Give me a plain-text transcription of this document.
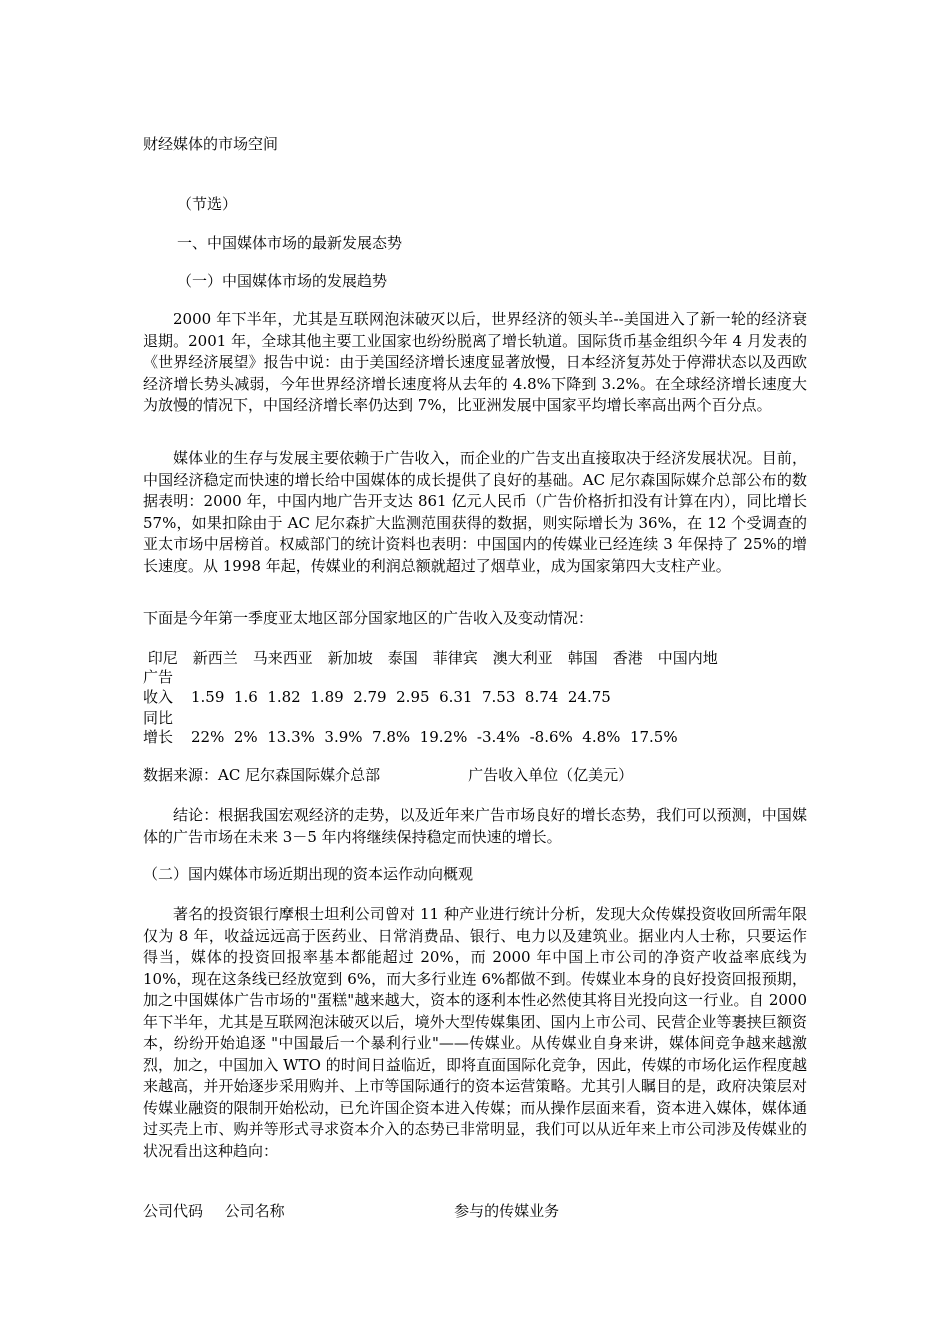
财经媒体的市场空间
（节选）
一、中国媒体市场的最新发展态势
（一）中国媒体市场的发展趋势
2000 年下半年，尤其是互联网泡沫破灭以后，世界经济的领头羊--美国进入了新一轮的经济衰退期。2001 年，全球其他主要工业国家也纷纷脱离了增长轨道。国际货币基金组织今年 4 月发表的《世界经济展望》报告中说：由于美国经济增长速度显著放慢，日本经济复苏处于停滞状态以及西欧经济增长势头减弱，今年世界经济增长速度将从去年的 4.8%下降到 3.2%。在全球经济增长速度大为放慢的情况下，中国经济增长率仍达到 7%，比亚洲发展中国家平均增长率高出两个百分点。
媒体业的生存与发展主要依赖于广告收入，而企业的广告支出直接取决于经济发展状况。目前，中国经济稳定而快速的增长给中国媒体的成长提供了良好的基础。AC 尼尔森国际媒介总部公布的数据表明：2000 年，中国内地广告开支达 861 亿元人民币（广告价格折扣没有计算在内），同比增长 57%，如果扣除由于 AC 尼尔森扩大监测范围获得的数据，则实际增长为 36%，在 12 个受调查的亚太市场中居榜首。权威部门的统计资料也表明：中国国内的传媒业已经连续 3 年保持了 25%的增长速度。从 1998 年起，传媒业的利润总额就超过了烟草业，成为国家第四大支柱产业。
下面是今年第一季度亚太地区部分国家地区的广告收入及变动情况：
印尼　新西兰　马来西亚　新加坡　泰国　菲律宾　澳大利亚　韩国　香港　中国内地
广告
收入 1.59  1.6  1.82  1.89  2.79  2.95  6.31  7.53  8.74  24.75
同比
增长 22%  2%  13.3%  3.9%  7.8%  19.2%  -3.4%  -8.6%  4.8%  17.5%
数据来源：AC 尼尔森国际媒介总部	广告收入单位（亿美元）
结论：根据我国宏观经济的走势，以及近年来广告市场良好的增长态势，我们可以预测，中国媒体的广告市场在未来 3－5 年内将继续保持稳定而快速的增长。
（二）国内媒体市场近期出现的资本运作动向概观
著名的投资银行摩根士坦利公司曾对 11 种产业进行统计分析，发现大众传媒投资收回所需年限仅为 8 年，收益远远高于医药业、日常消费品、银行、电力以及建筑业。据业内人士称，只要运作得当，媒体的投资回报率基本都能超过 20%，而 2000 年中国上市公司的净资产收益率底线为 10%，现在这条线已经放宽到 6%，而大多行业连 6%都做不到。传媒业本身的良好投资回报预期，加之中国媒体广告市场的"蛋糕"越来越大，资本的逐利本性必然使其将目光投向这一行业。自 2000 年下半年，尤其是互联网泡沫破灭以后，境外大型传媒集团、国内上市公司、民营企业等裹挟巨额资本，纷纷开始追逐 "中国最后一个暴利行业"——传媒业。从传媒业自身来讲，媒体间竞争越来越激烈，加之，中国加入 WTO 的时间日益临近，即将直面国际化竞争，因此，传媒的市场化运作程度越来越高，并开始逐步采用购并、上市等国际通行的资本运营策略。尤其引人瞩目的是，政府决策层对传媒业融资的限制开始松动，已允许国企资本进入传媒；而从操作层面来看，资本进入媒体，媒体通过买壳上市、购并等形式寻求资本介入的态势已非常明显，我们可以从近年来上市公司涉及传媒业的状况看出这种趋向：
公司代码 公司名称	参与的传媒业务
